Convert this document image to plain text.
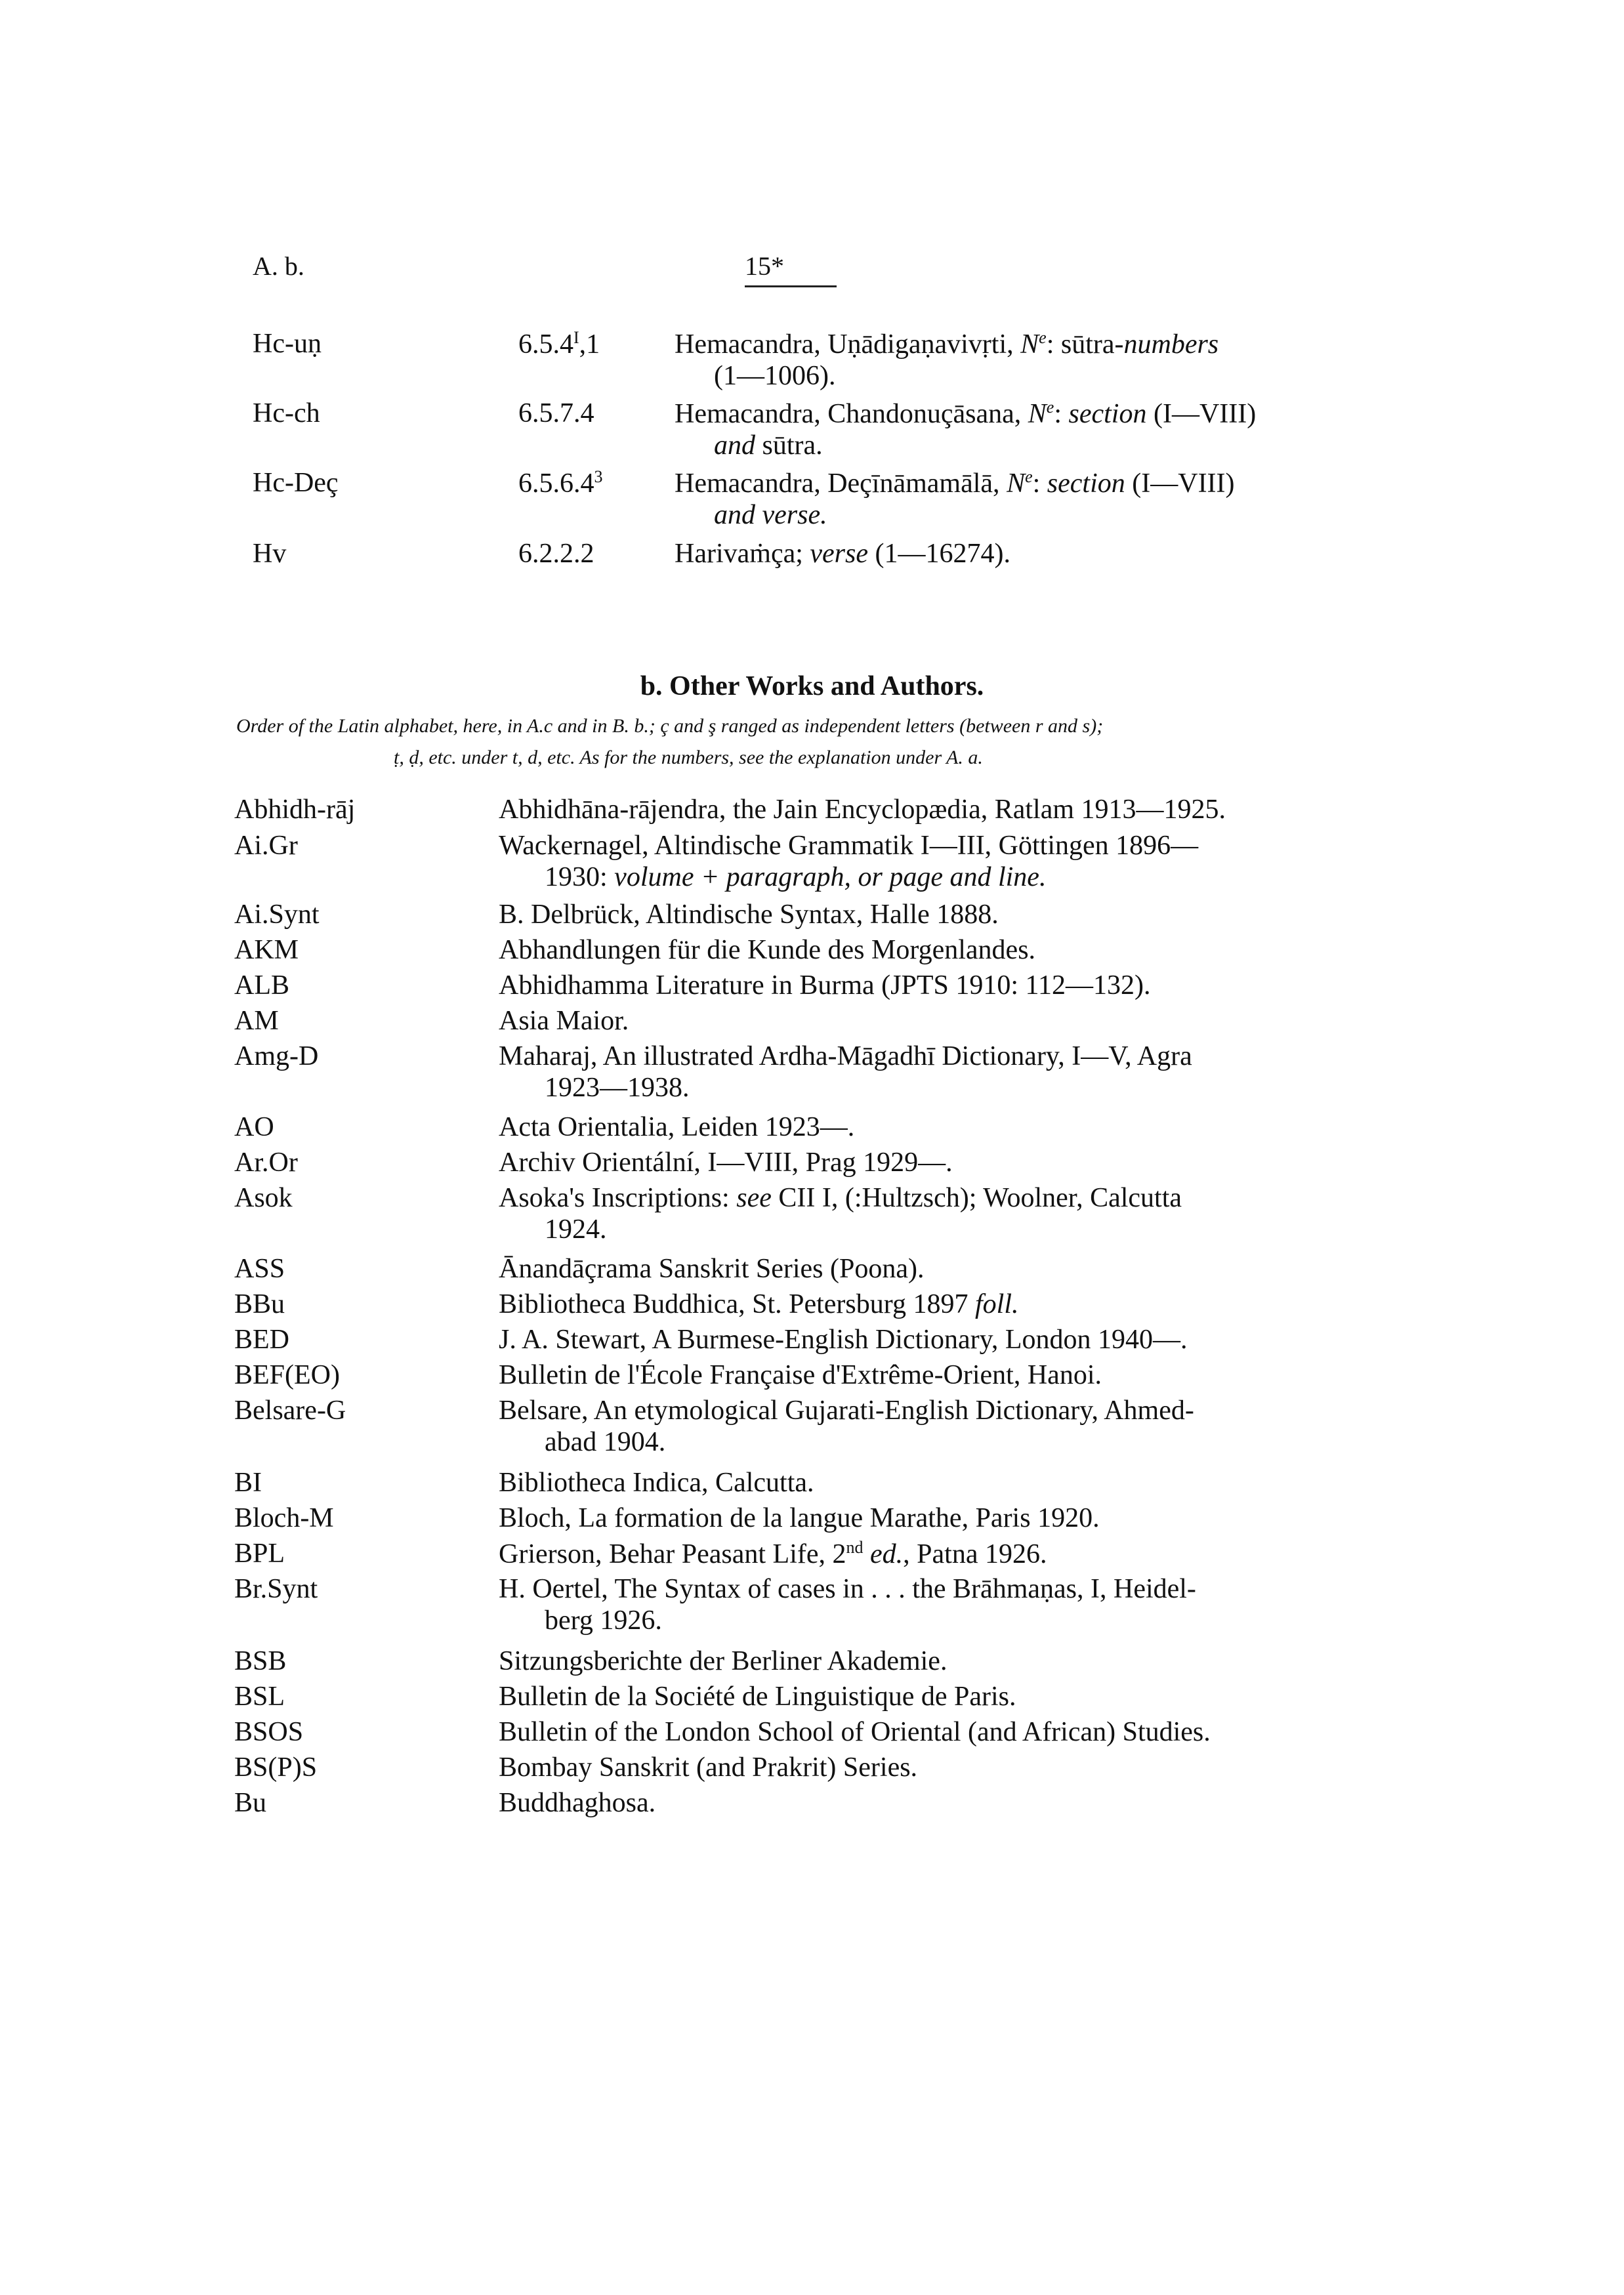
A. b.	15*
Hc-uṇ	$6.5.4^I,1$	Hemacandra, Uṇādigaṇavivṛti, $N^e$: sūtra-numbers
(1—1006).
Hc-ch	6.5.7.4	Hemacandra, Chandonuçāsana, $N^e$: section (I—VIII)
and sūtra.
Hc-Deç	6.5.6.4$^3$	Hemacandra, Deçīnāmamālā, $N^e$: section (I—VIII)
and verse.
Hv	6.2.2.2	Harivaṁça; verse (1—16274).
b. Other Works and Authors.
Order of the Latin alphabet, here, in A.c and in B. b.; ç and ş ranged as independent letters (between r and s);
ṭ, ḍ, etc. under t, d, etc. As for the numbers, see the explanation under A. a.
Abhidh-rāj	Abhidhāna-rājendra, the Jain Encyclopædia, Ratlam 1913—1925.
Ai.Gr	Wackernagel, Altindische Grammatik I—III, Göttingen 1896—
1930: volume + paragraph, or page and line.
Ai.Synt	B. Delbrück, Altindische Syntax, Halle 1888.
AKM	Abhandlungen für die Kunde des Morgenlandes.
ALB	Abhidhamma Literature in Burma (JPTS 1910: 112—132).
AM	Asia Maior.
Amg-D	Maharaj, An illustrated Ardha-Māgadhī Dictionary, I—V, Agra
1923—1938.
AO	Acta Orientalia, Leiden 1923—.
Ar.Or	Archiv Orientální, I—VIII, Prag 1929—.
Asok	Asoka's Inscriptions: see CII I, (:Hultzsch); Woolner, Calcutta
1924.
ASS	Ānandāçrama Sanskrit Series (Poona).
BBu	Bibliotheca Buddhica, St. Petersburg 1897 foll.
BED	J. A. Stewart, A Burmese-English Dictionary, London 1940—.
BEF(EO)	Bulletin de l'École Française d'Extrême-Orient, Hanoi.
Belsare-G	Belsare, An etymological Gujarati-English Dictionary, Ahmed-
abad 1904.
BI	Bibliotheca Indica, Calcutta.
Bloch-M	Bloch, La formation de la langue Marathe, Paris 1920.
BPL	Grierson, Behar Peasant Life, 2nd ed., Patna 1926.
Br.Synt	H. Oertel, The Syntax of cases in . . . the Brāhmaṇas, I, Heidel-
berg 1926.
BSB	Sitzungsberichte der Berliner Akademie.
BSL	Bulletin de la Société de Linguistique de Paris.
BSOS	Bulletin of the London School of Oriental (and African) Studies.
BS(P)S	Bombay Sanskrit (and Prakrit) Series.
Bu	Buddhaghosa.
